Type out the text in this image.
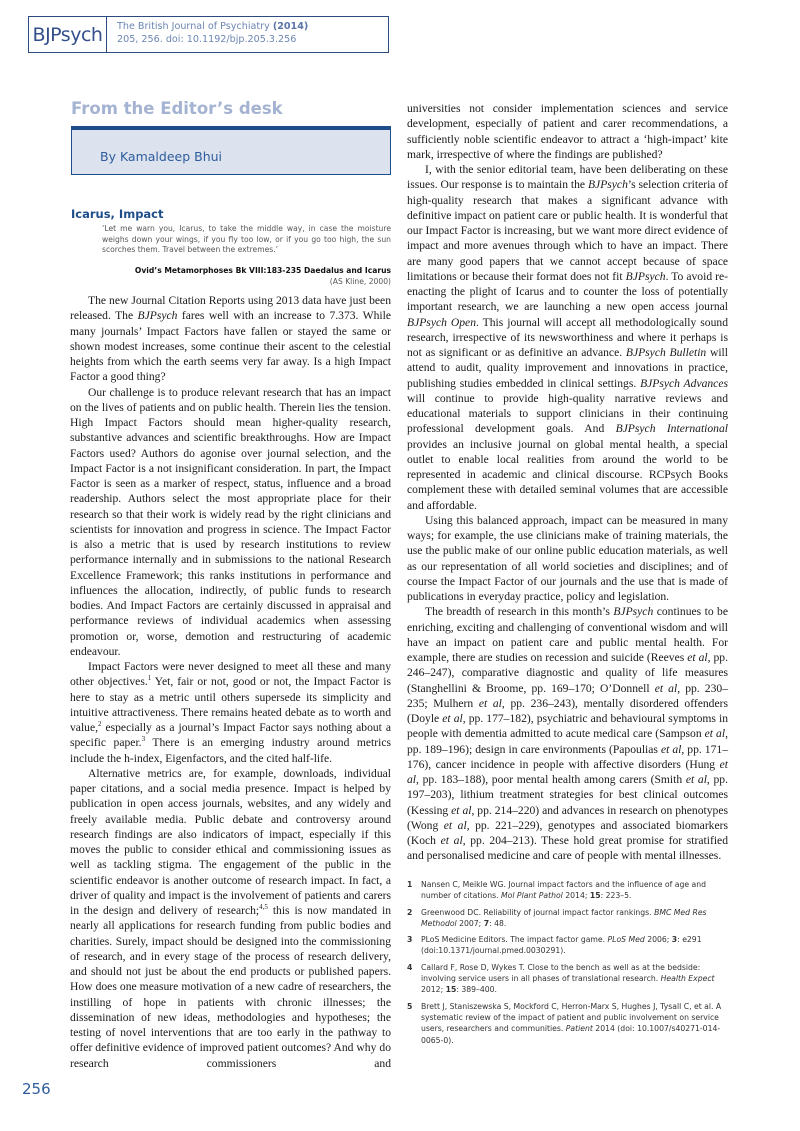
BJPsych	The British Journal of Psychiatry (2014)
205, 256. doi: 10.1192/bjp.205.3.256
From the Editor’s desk
By Kamaldeep Bhui
Icarus, Impact
‘Let me warn you, Icarus, to take the middle way, in case the moisture weighs down your wings, if you fly too low, or if you go too high, the sun scorches them. Travel between the extremes.’
Ovid’s Metamorphoses Bk VIII:183-235 Daedalus and Icarus
(AS Kline, 2000)

The new Journal Citation Reports using 2013 data have just been released. The BJPsych fares well with an increase to 7.373. While many journals’ Impact Factors have fallen or stayed the same or shown modest increases, some continue their ascent to the celestial heights from which the earth seems very far away. Is a high Impact Factor a good thing?

Our challenge is to produce relevant research that has an impact on the lives of patients and on public health. Therein lies the tension. High Impact Factors should mean higher-quality research, substantive advances and scientific breakthroughs. How are Impact Factors used? Authors do agonise over journal selection, and the Impact Factor is a not insignificant consideration. In part, the Impact Factor is seen as a marker of respect, status, influence and a broad readership. Authors select the most appropriate place for their research so that their work is widely read by the right clinicians and scientists for innovation and progress in science. The Impact Factor is also a metric that is used by research institutions to review performance internally and in submissions to the national Research Excellence Framework; this ranks institutions in performance and influences the allocation, indirectly, of public funds to research bodies. And Impact Factors are certainly discussed in appraisal and performance reviews of individual academics when assessing promotion or, worse, demotion and restructuring of academic endeavour.

Impact Factors were never designed to meet all these and many other objectives.$^1$ Yet, fair or not, good or not, the Impact Factor is here to stay as a metric until others supersede its simplicity and intuitive attractiveness. There remains heated debate as to worth and value,$^2$ especially as a journal’s Impact Factor says nothing about a specific paper.$^3$ There is an emerging industry around metrics include the h-index, Eigenfactors, and the cited half-life.

Alternative metrics are, for example, downloads, individual paper citations, and a social media presence. Impact is helped by publication in open access journals, websites, and any widely and freely available media. Public debate and controversy around research findings are also indicators of impact, especially if this moves the public to consider ethical and commissioning issues as well as tackling stigma. The engagement of the public in the scientific endeavor is another outcome of research impact. In fact, a driver of quality and impact is the involvement of patients and carers in the design and delivery of research;$^{4,5}$ this is now mandated in nearly all applications for research funding from public bodies and charities. Surely, impact should be designed into the commissioning of research, and in every stage of the process of research delivery, and should not just be about the end products or published papers. How does one measure motivation of a new cadre of researchers, the instilling of hope in patients with chronic illnesses; the dissemination of new ideas, methodologies and hypotheses; the testing of novel interventions that are too early in the pathway to offer definitive evidence of improved patient outcomes? And why do research commissioners and

universities not consider implementation sciences and service development, especially of patient and carer recommendations, a sufficiently noble scientific endeavor to attract a ‘high-impact’ kite mark, irrespective of where the findings are published?

I, with the senior editorial team, have been deliberating on these issues. Our response is to maintain the BJPsych’s selection criteria of high-quality research that makes a significant advance with definitive impact on patient care or public health. It is wonderful that our Impact Factor is increasing, but we want more direct evidence of impact and more avenues through which to have an impact. There are many good papers that we cannot accept because of space limitations or because their format does not fit BJPsych. To avoid re-enacting the plight of Icarus and to counter the loss of potentially important research, we are launching a new open access journal BJPsych Open. This journal will accept all methodologically sound research, irrespective of its newsworthiness and where it perhaps is not as significant or as definitive an advance. BJPsych Bulletin will attend to audit, quality improvement and innovations in practice, publishing studies embedded in clinical settings. BJPsych Advances will continue to provide high-quality narrative reviews and educational materials to support clinicians in their continuing professional development goals. And BJPsych International provides an inclusive journal on global mental health, a special outlet to enable local realities from around the world to be represented in academic and clinical discourse. RCPsych Books complement these with detailed seminal volumes that are accessible and affordable.

Using this balanced approach, impact can be measured in many ways; for example, the use clinicians make of training materials, the use the public make of our online public education materials, as well as our representation of all world societies and disciplines; and of course the Impact Factor of our journals and the use that is made of publications in everyday practice, policy and legislation.

The breadth of research in this month’s BJPsych continues to be enriching, exciting and challenging of conventional wisdom and will have an impact on patient care and public mental health. For example, there are studies on recession and suicide (Reeves et al, pp. 246–247), comparative diagnostic and quality of life measures (Stanghellini & Broome, pp. 169–170; O’Donnell et al, pp. 230–235; Mulhern et al, pp. 236–243), mentally disordered offenders (Doyle et al, pp. 177–182), psychiatric and behavioural symptoms in people with dementia admitted to acute medical care (Sampson et al, pp. 189–196); design in care environments (Papoulias et al, pp. 171–176), cancer incidence in people with affective disorders (Hung et al, pp. 183–188), poor mental health among carers (Smith et al, pp. 197–203), lithium treatment strategies for best clinical outcomes (Kessing et al, pp. 214–220) and advances in research on phenotypes (Wong et al, pp. 221–229), genotypes and associated biomarkers (Koch et al, pp. 204–213). These hold great promise for stratified and personalised medicine and care of people with mental illnesses.

1	Nansen C, Meikle WG. Journal impact factors and the influence of age and number of citations. Mol Plant Pathol 2014; 15: 223–5.
2	Greenwood DC. Reliability of journal impact factor rankings. BMC Med Res Methodol 2007; 7: 48.
3	PLoS Medicine Editors. The impact factor game. PLoS Med 2006; 3: e291 (doi:10.1371/journal.pmed.0030291).
4	Callard F, Rose D, Wykes T. Close to the bench as well as at the bedside: involving service users in all phases of translational research. Health Expect 2012; 15: 389–400.
5	Brett J, Staniszewska S, Mockford C, Herron-Marx S, Hughes J, Tysall C, et al. A systematic review of the impact of patient and public involvement on service users, researchers and communities. Patient 2014 (doi: 10.1007/s40271-014-0065-0).
256
